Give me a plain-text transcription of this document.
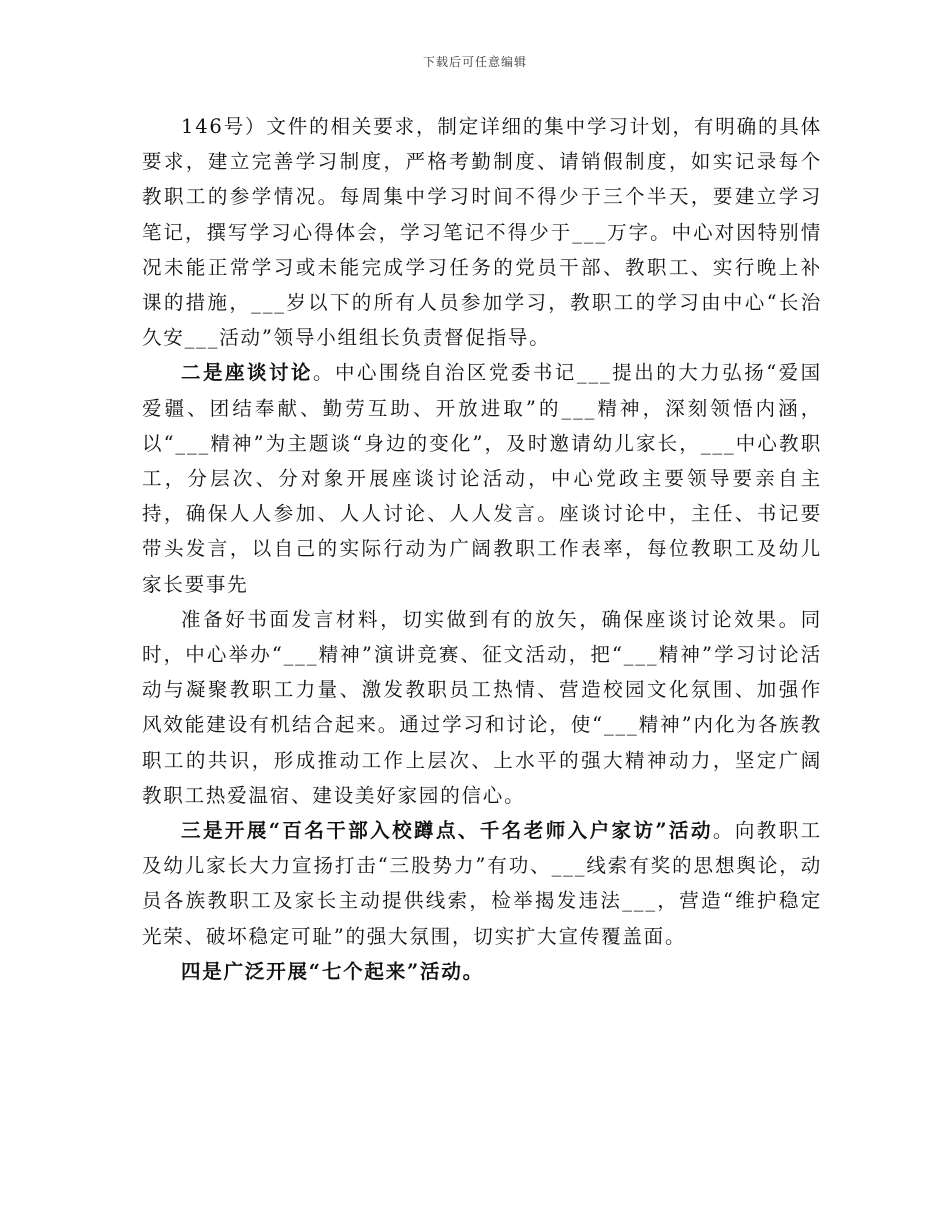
下载后可任意编辑

146号）文件的相关要求，制定详细的集中学习计划，有明确的具体要求，建立完善学习制度，严格考勤制度、请销假制度，如实记录每个教职工的参学情况。每周集中学习时间不得少于三个半天，要建立学习笔记，撰写学习心得体会，学习笔记不得少于___万字。中心对因特别情况未能正常学习或未能完成学习任务的党员干部、教职工、实行晚上补课的措施，___岁以下的所有人员参加学习，教职工的学习由中心“长治久安___活动”领导小组组长负责督促指导。

二是座谈讨论。中心围绕自治区党委书记___提出的大力弘扬“爱国爱疆、团结奉献、勤劳互助、开放进取”的___精神，深刻领悟内涵，以“___精神”为主题谈“身边的变化”，及时邀请幼儿家长，___中心教职工，分层次、分对象开展座谈讨论活动，中心党政主要领导要亲自主持，确保人人参加、人人讨论、人人发言。座谈讨论中，主任、书记要带头发言，以自己的实际行动为广阔教职工作表率，每位教职工及幼儿家长要事先

准备好书面发言材料，切实做到有的放矢，确保座谈讨论效果。同时，中心举办“___精神”演讲竞赛、征文活动，把“___精神”学习讨论活动与凝聚教职工力量、激发教职员工热情、营造校园文化氛围、加强作风效能建设有机结合起来。通过学习和讨论，使“___精神”内化为各族教职工的共识，形成推动工作上层次、上水平的强大精神动力，坚定广阔教职工热爱温宿、建设美好家园的信心。

三是开展“百名干部入校蹲点、千名老师入户家访”活动。向教职工及幼儿家长大力宣扬打击“三股势力”有功、___线索有奖的思想舆论，动员各族教职工及家长主动提供线索，检举揭发违法___，营造“维护稳定光荣、破坏稳定可耻”的强大氛围，切实扩大宣传覆盖面。

四是广泛开展“七个起来”活动。
